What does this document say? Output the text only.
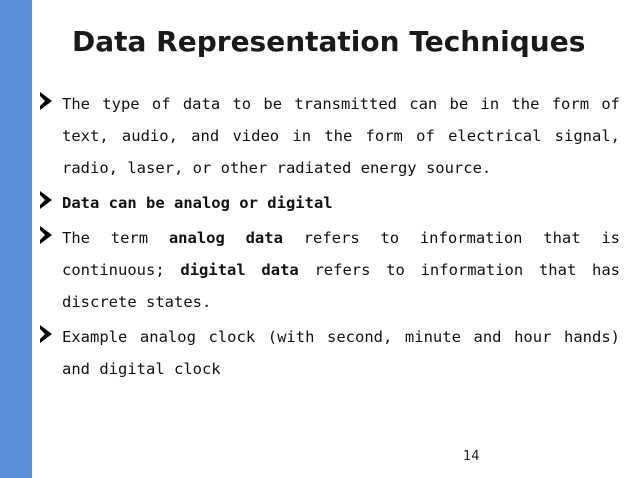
Data Representation Techniques
The type of data to be transmitted can be in the form of text, audio, and video in the form of electrical signal, radio, laser, or other radiated energy source.
Data can be analog or digital
The term analog data refers to information that is continuous; digital data refers to information that has discrete states.
Example analog clock (with second, minute and hour hands) and digital clock
14
